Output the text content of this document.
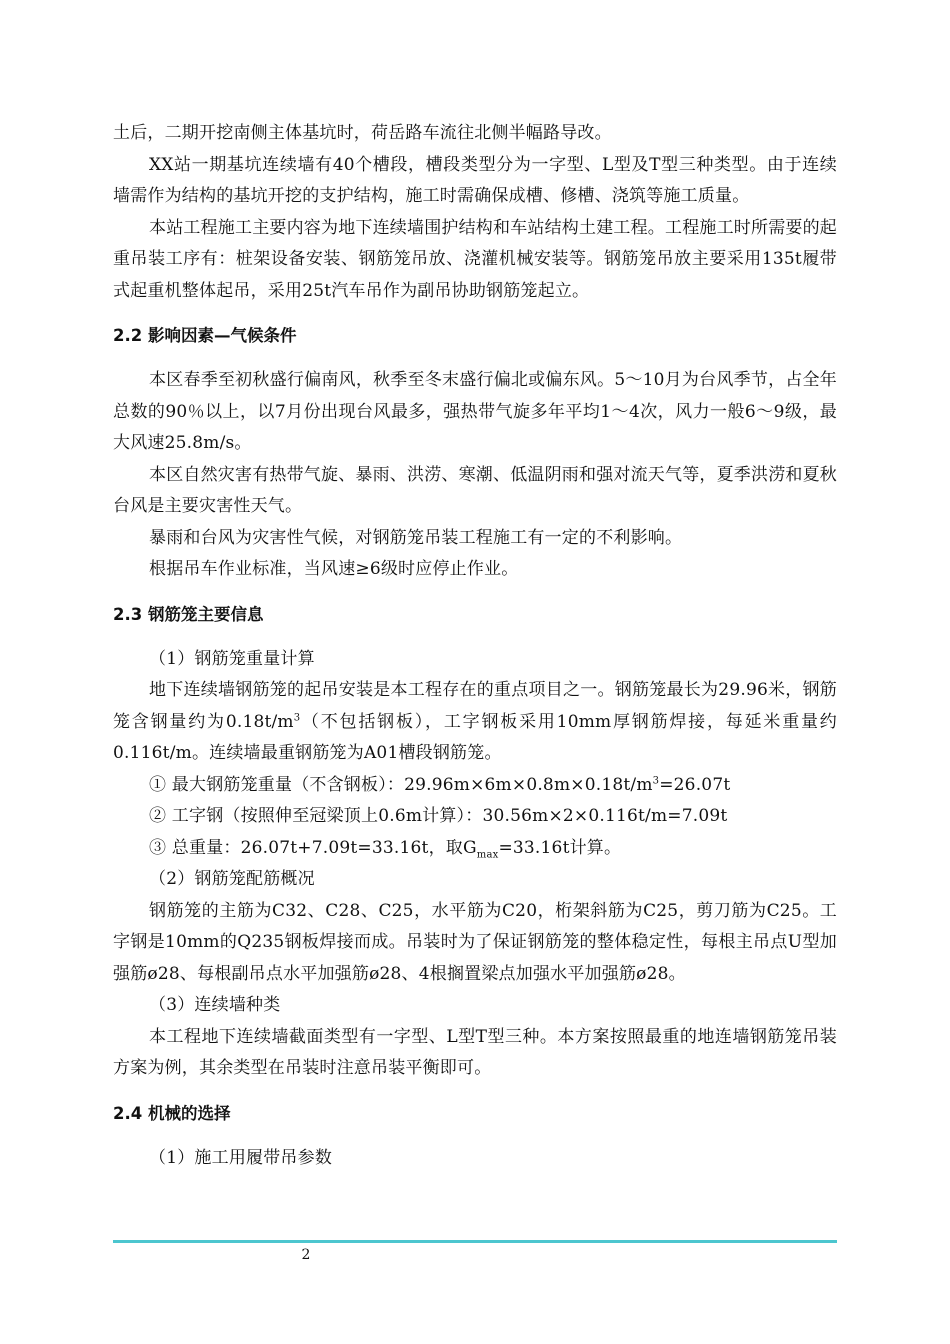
土后，二期开挖南侧主体基坑时，荷岳路车流往北侧半幅路导改。

XX站一期基坑连续墙有40个槽段，槽段类型分为一字型、L型及T型三种类型。由于连续墙需作为结构的基坑开挖的支护结构，施工时需确保成槽、修槽、浇筑等施工质量。

本站工程施工主要内容为地下连续墙围护结构和车站结构土建工程。工程施工时所需要的起重吊装工序有：桩架设备安装、钢筋笼吊放、浇灌机械安装等。钢筋笼吊放主要采用135t履带式起重机整体起吊，采用25t汽车吊作为副吊协助钢筋笼起立。

2.2 影响因素—气候条件

本区春季至初秋盛行偏南风，秋季至冬末盛行偏北或偏东风。5～10月为台风季节，占全年总数的90％以上，以7月份出现台风最多，强热带气旋多年平均1～4次，风力一般6～9级，最大风速25.8m/s。

本区自然灾害有热带气旋、暴雨、洪涝、寒潮、低温阴雨和强对流天气等，夏季洪涝和夏秋台风是主要灾害性天气。

暴雨和台风为灾害性气候，对钢筋笼吊装工程施工有一定的不利影响。

根据吊车作业标准，当风速≥6级时应停止作业。

2.3 钢筋笼主要信息

（1）钢筋笼重量计算

地下连续墙钢筋笼的起吊安装是本工程存在的重点项目之一。钢筋笼最长为29.96米，钢筋笼含钢量约为$0.18t/m^3$（不包括钢板），工字钢板采用10mm厚钢筋焊接，每延米重量约0.116t/m。连续墙最重钢筋笼为A01槽段钢筋笼。

① 最大钢筋笼重量（不含钢板）：$29.96m\times 6m\times 0.8m\times 0.18t/m^3=26.07t$

② 工字钢（按照伸至冠梁顶上0.6m计算）：30.56m×2×0.116t/m=7.09t

③ 总重量：26.07t+7.09t=33.16t，取$G_{max}=33.16t$计算。

（2）钢筋笼配筋概况

钢筋笼的主筋为C32、C28、C25，水平筋为C20，桁架斜筋为C25，剪刀筋为C25。工字钢是10mm的Q235钢板焊接而成。吊装时为了保证钢筋笼的整体稳定性，每根主吊点U型加强筋ø28、每根副吊点水平加强筋ø28、4根搁置梁点加强水平加强筋ø28。

（3）连续墙种类

本工程地下连续墙截面类型有一字型、L型T型三种。本方案按照最重的地连墙钢筋笼吊装方案为例，其余类型在吊装时注意吊装平衡即可。

2.4 机械的选择

（1）施工用履带吊参数

2
